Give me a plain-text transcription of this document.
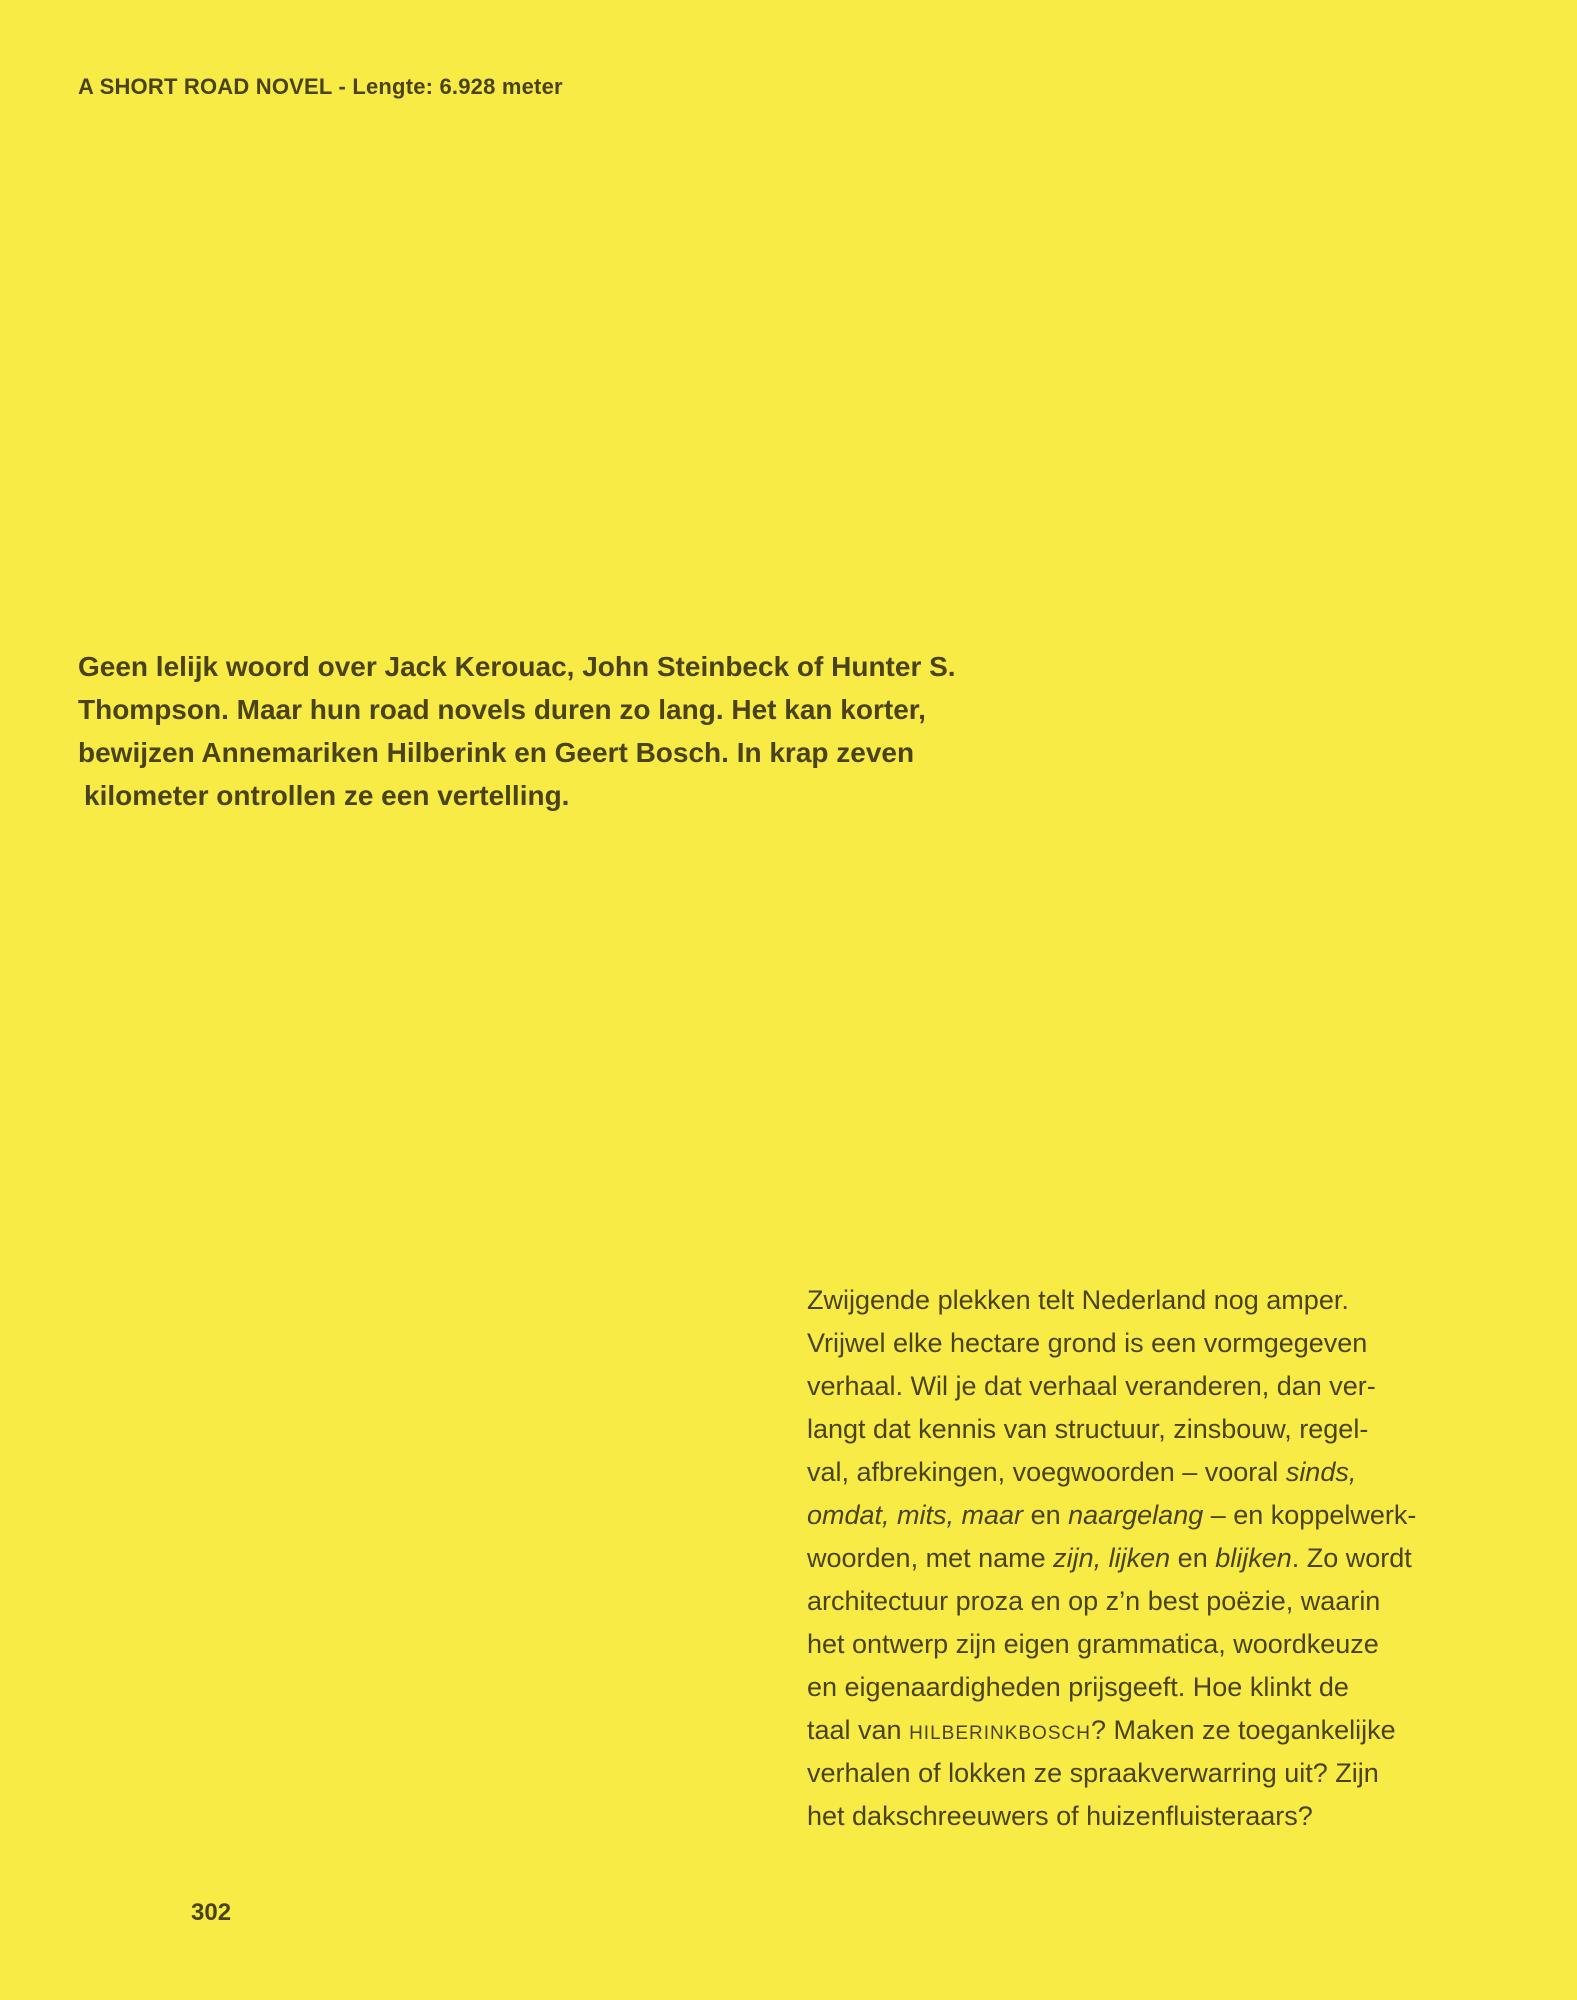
A SHORT ROAD NOVEL - Lengte: 6.928 meter
Geen lelijk woord over Jack Kerouac, John Steinbeck of Hunter S.
Thompson. Maar hun road novels duren zo lang. Het kan korter,
bewijzen Annemariken Hilberink en Geert Bosch. In krap zeven
kilometer ontrollen ze een vertelling.
Zwijgende plekken telt Nederland nog amper.
Vrijwel elke hectare grond is een vormgegeven
verhaal. Wil je dat verhaal veranderen, dan ver-
langt dat kennis van structuur, zinsbouw, regel-
val, afbrekingen, voegwoorden – vooral sinds,
omdat, mits, maar en naargelang – en koppelwerk-
woorden, met name zijn, lijken en blijken. Zo wordt
architectuur proza en op z’n best poëzie, waarin
het ontwerp zijn eigen grammatica, woordkeuze
en eigenaardigheden prijsgeeft. Hoe klinkt de
taal van hilberinkbosch? Maken ze toegankelijke
verhalen of lokken ze spraakverwarring uit? Zijn
het dakschreeuwers of huizenfluisteraars?
302
